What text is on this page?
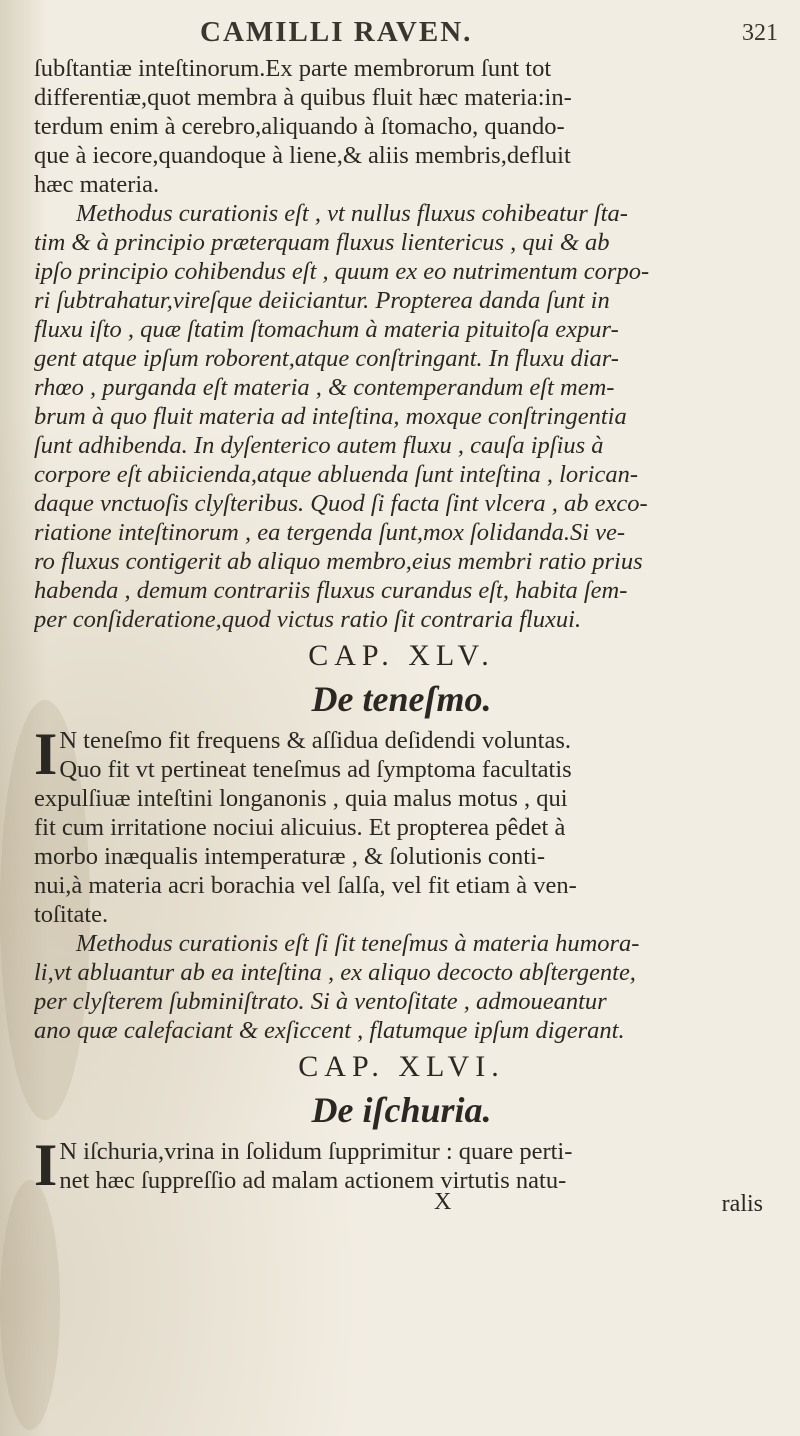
CAMILLI RAVEN.	321
ſubſtantiæ inteſtinorum.Ex parte membrorum ſunt tot
differentiæ,quot membra à quibus fluit hæc materia:in-
terdum enim à cerebro,aliquando à ſtomacho, quando-
que à iecore,quandoque à liene,& aliis membris,defluit
hæc materia.
Methodus curationis eſt , vt nullus fluxus cohibeatur ſta-
tim & à principio præterquam fluxus lientericus , qui & ab
ipſo principio cohibendus eſt , quum ex eo nutrimentum corpo-
ri ſubtrahatur,vireſque deiiciantur. Propterea danda ſunt in
fluxu iſto , quæ ſtatim ſtomachum à materia pituitoſa expur-
gent atque ipſum roborent,atque conſtringant. In fluxu diar-
rhœo , purganda eſt materia , & contemperandum eſt mem-
brum à quo fluit materia ad inteſtina, moxque conſtringentia
ſunt adhibenda. In dyſenterico autem fluxu , cauſa ipſius à
corpore eſt abiicienda,atque abluenda ſunt inteſtina , lorican-
daque vnctuoſis clyſteribus. Quod ſi facta ſint vlcera , ab exco-
riatione inteſtinorum , ea tergenda ſunt,mox ſolidanda.Si ve-
ro fluxus contigerit ab aliquo membro,eius membri ratio prius
habenda , demum contrariis fluxus curandus eſt, habita ſem-
per conſideratione,quod victus ratio ſit contraria fluxui.
CAP. XLV.
De teneſmo.
I N teneſmo fit frequens & aſſidua deſidendi voluntas.
Quo fit vt pertineat teneſmus ad ſymptoma facultatis
expulſiuæ inteſtini longanonis , quia malus motus , qui
fit cum irritatione nociui alicuius. Et propterea pêdet à
morbo inæqualis intemperaturæ , & ſolutionis conti-
nui,à materia acri borachia vel ſalſa, vel fit etiam à ven-
toſitate.
Methodus curationis eſt ſi ſit teneſmus à materia humora-
li,vt abluantur ab ea inteſtina , ex aliquo decocto abſtergente,
per clyſterem ſubminiſtrato. Si à ventoſitate , admoueantur
ano quæ calefaciant & exſiccent , flatumque ipſum digerant.
CAP. XLVI.
De iſchuria.
I N iſchuria,vrina in ſolidum ſupprimitur : quare perti-
net hæc ſuppreſſio ad malam actionem virtutis natu-
X	ralis
